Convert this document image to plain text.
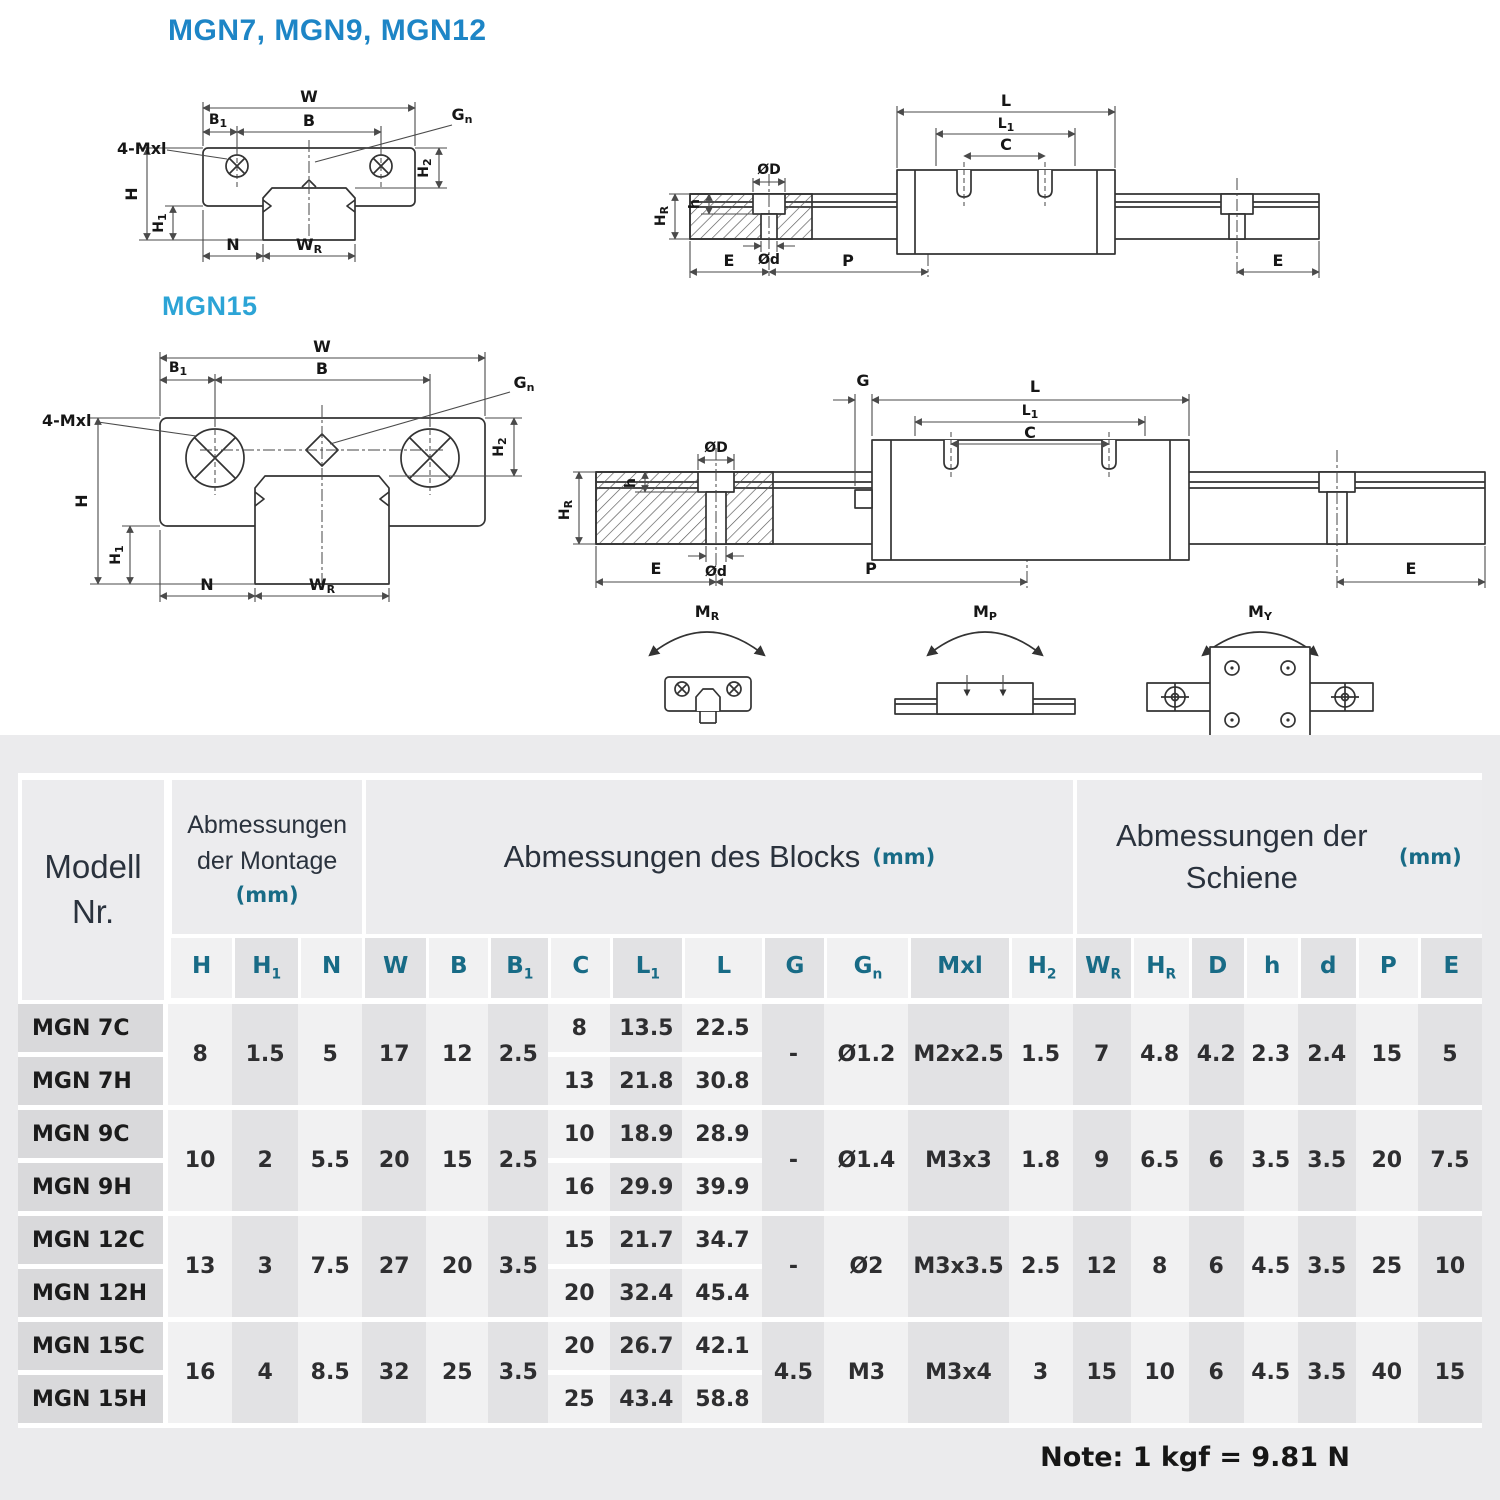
MGN7, MGN9, MGN12
MGN15
W
B
$B_1$	Gn
4-Mxl
$H_2$
H
$H_1$
N	WR
L
$L_1$
C
ØD
h
$H_R$
Ød
E	P	E
W
B
$B_1$
Gn
4-Mxl
$H_2$
H
$H_1$
N	WR
G	L
$L_1$
C
ØD
h
$H_R$
Ød
E	P	E
MR	MP	MY
Modell Nr.	Abmessungen der Montage
(mm)			Abmessungen des Blocks (mm)										Abmessungen der Schiene
(mm)						

	H	$H_1$	N	W	B	$B_1$	C	$L_1$	L	G	$G_n$	Mxl	$H_2$	$W_R$	$H_R$	D	h	d	P	E
MGN 7C	8	1.5	5	17	12	2.5	8	13.5	22.5	-	Ø1.2	M2x2.5	1.5	7	4.8	4.2	2.3	2.4	15	5
MGN 7H							13	21.8	30.8											
MGN 9C	10	2	5.5	20	15	2.5	10	18.9	28.9	-	Ø1.4	M3x3	1.8	9	6.5	6	3.5	3.5	20	7.5
MGN 9H							16	29.9	39.9											
MGN 12C	13	3	7.5	27	20	3.5	15	21.7	34.7	-	Ø2	M3x3.5	2.5	12	8	6	4.5	3.5	25	10
MGN 12H							20	32.4	45.4											
MGN 15C	16	4	8.5	32	25	3.5	20	26.7	42.1	4.5	M3	M3x4	3	15	10	6	4.5	3.5	40	15
MGN 15H							25	43.4	58.8											
Note: 1 kgf = 9.81 N
